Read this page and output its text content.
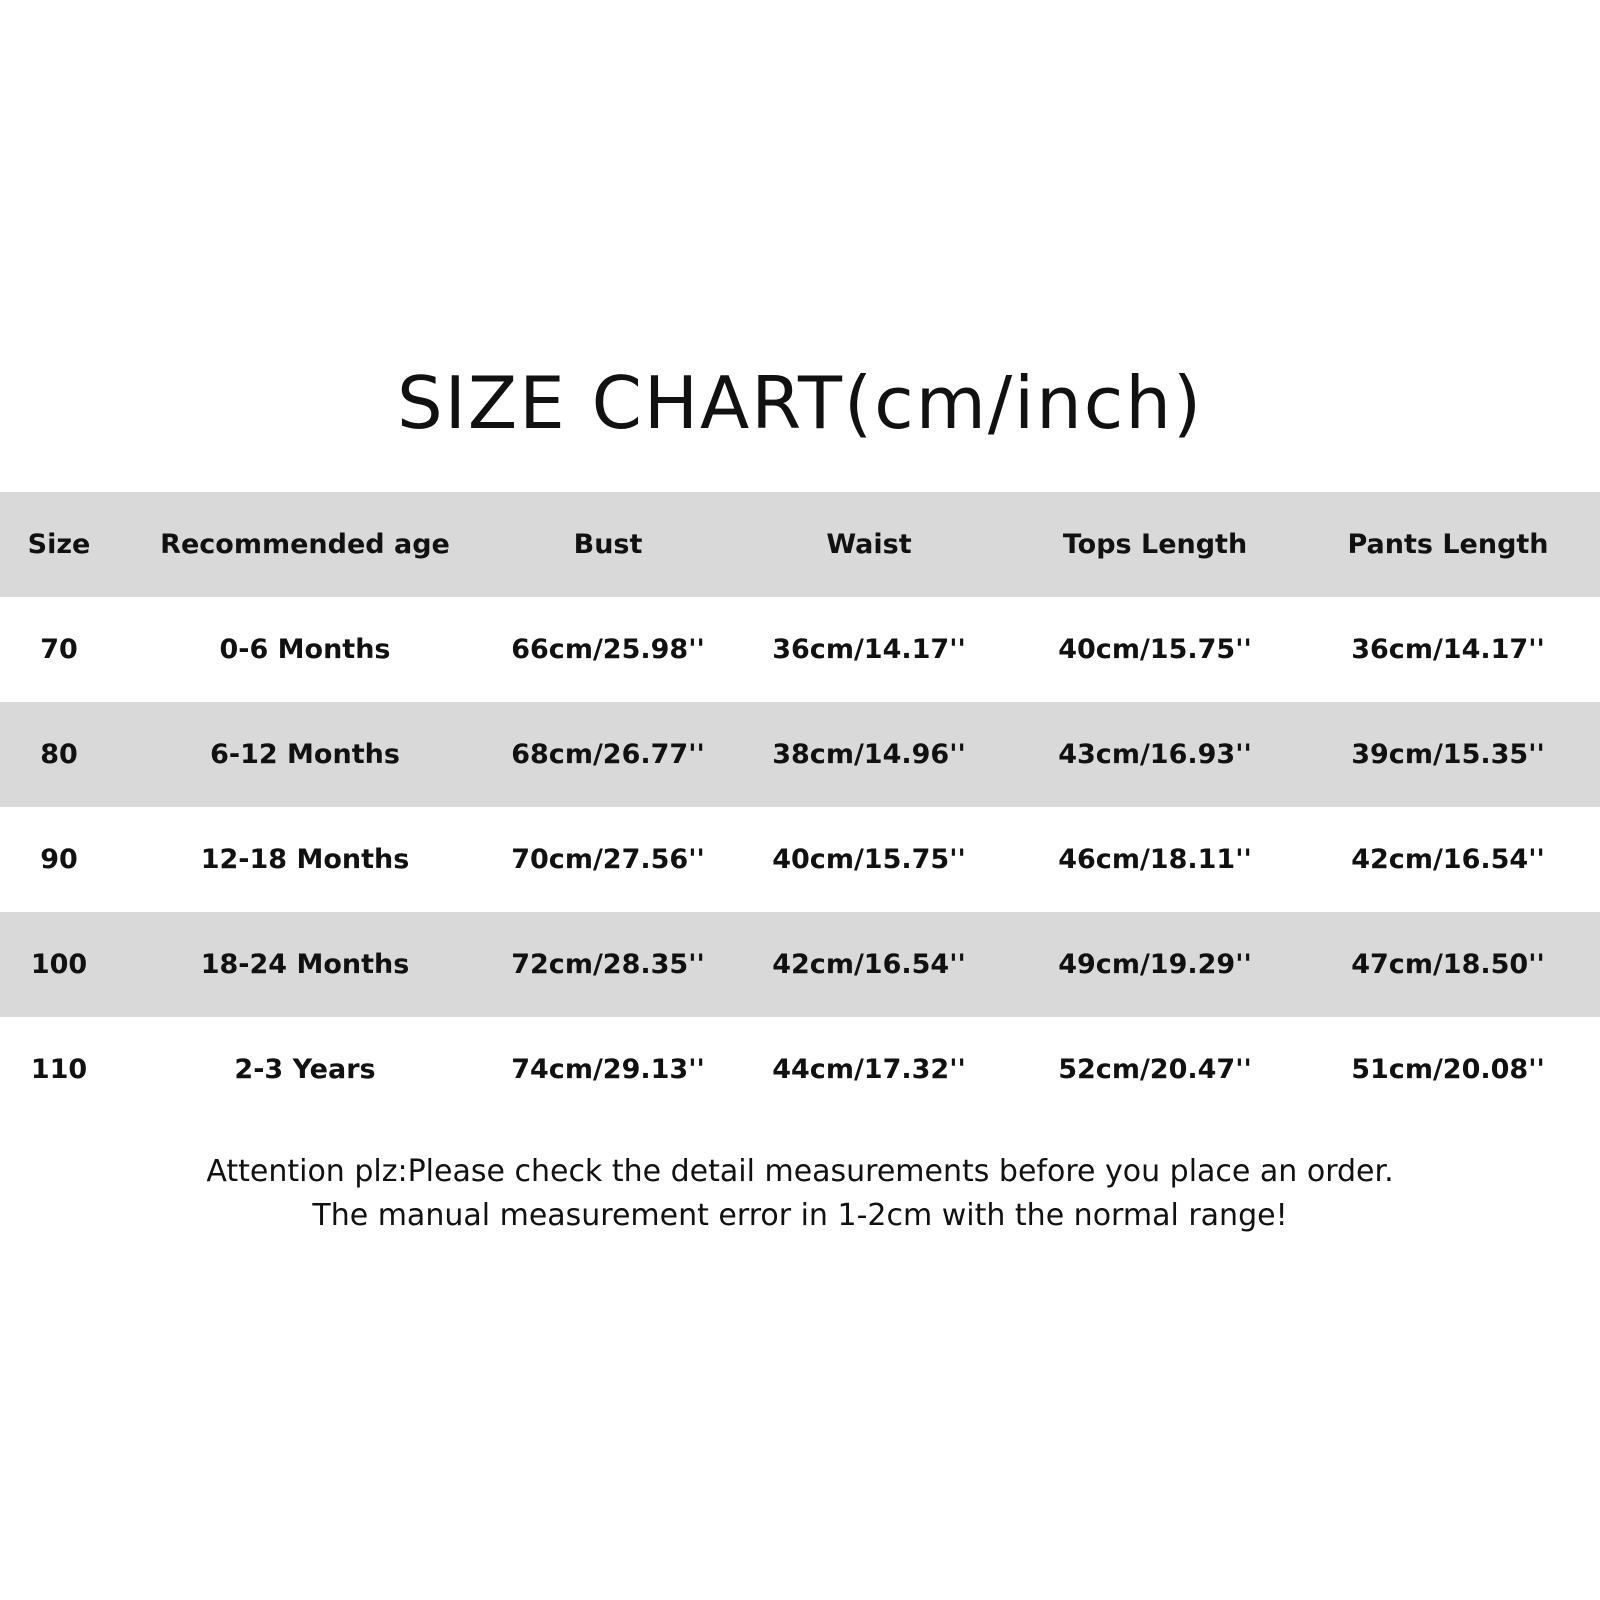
SIZE CHART(cm/inch)
Size	Recommended age	Bust	Waist	Tops Length	Pants Length
70	0-6 Months	66cm/25.98''	36cm/14.17''	40cm/15.75''	36cm/14.17''
80	6-12 Months	68cm/26.77''	38cm/14.96''	43cm/16.93''	39cm/15.35''
90	12-18 Months	70cm/27.56''	40cm/15.75''	46cm/18.11''	42cm/16.54''
100	18-24 Months	72cm/28.35''	42cm/16.54''	49cm/19.29''	47cm/18.50''
110	2-3 Years	74cm/29.13''	44cm/17.32''	52cm/20.47''	51cm/20.08''

Attention plz:Please check the detail measurements before you place an order.

The manual measurement error in 1-2cm with the normal range!
